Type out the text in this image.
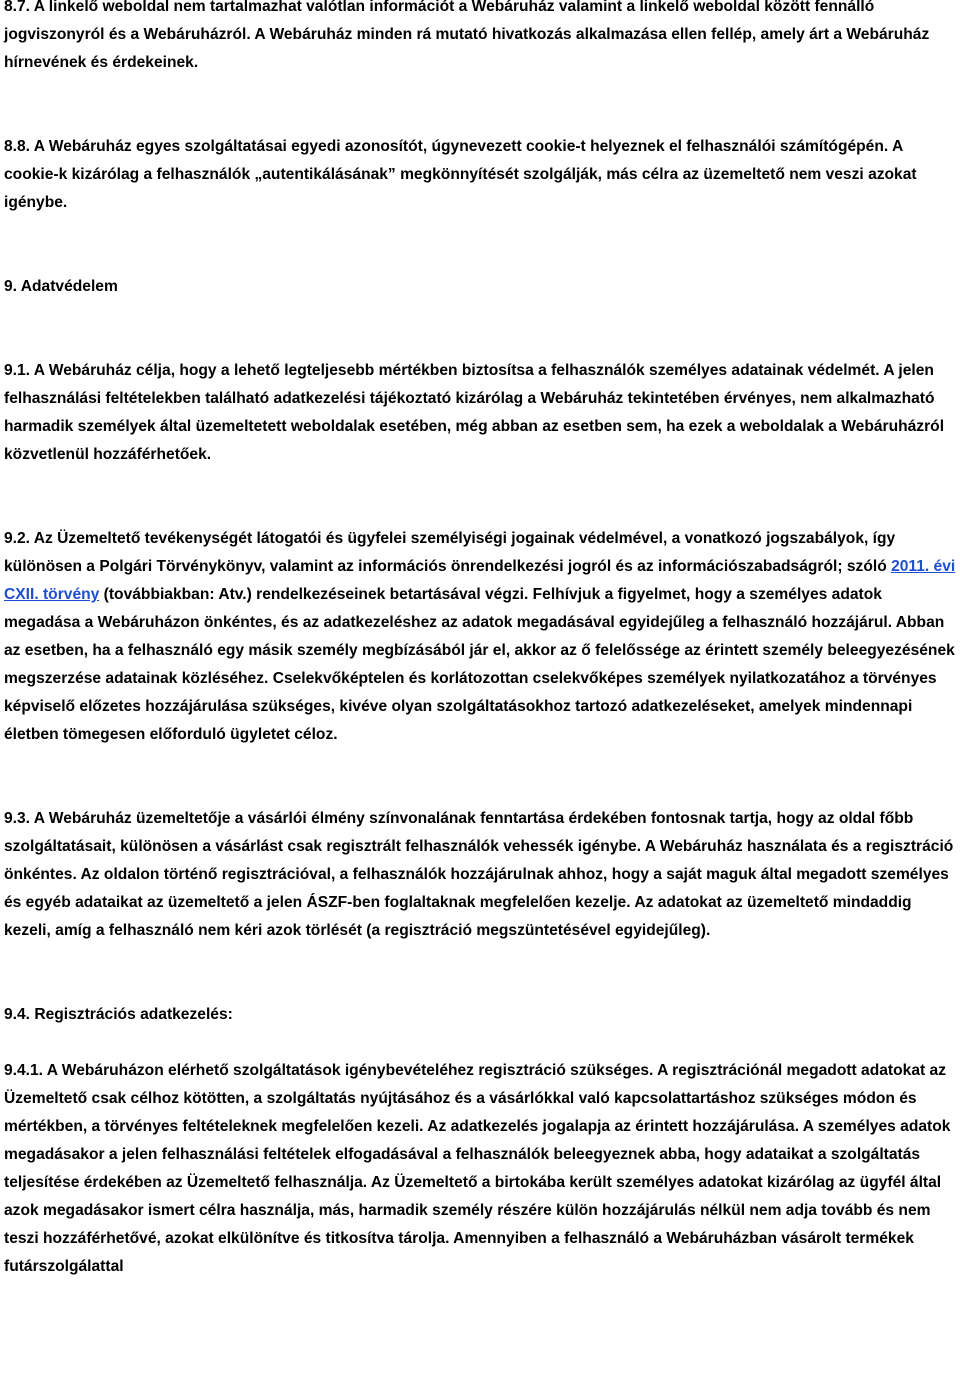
8.7. A linkelő weboldal nem tartalmazhat valótlan információt a Webáruház valamint a linkelő weboldal között fennálló jogviszonyról és a Webáruházról. A Webáruház minden rá mutató hivatkozás alkalmazása ellen fellép, amely árt a Webáruház hírnevének és érdekeinek.

8.8. A Webáruház egyes szolgáltatásai egyedi azonosítót, úgynevezett cookie-t helyeznek el felhasználói számítógépén. A cookie-k kizárólag a felhasználók „autentikálásának” megkönnyítését szolgálják, más célra az üzemeltető nem veszi azokat igénybe.

9. Adatvédelem

9.1. A Webáruház célja, hogy a lehető legteljesebb mértékben biztosítsa a felhasználók személyes adatainak védelmét. A jelen felhasználási feltételekben található adatkezelési tájékoztató kizárólag a Webáruház tekintetében érvényes, nem alkalmazható harmadik személyek által üzemeltetett weboldalak esetében, még abban az esetben sem, ha ezek a weboldalak a Webáruházról közvetlenül hozzáférhetőek.

9.2. Az Üzemeltető tevékenységét látogatói és ügyfelei személyiségi jogainak védelmével, a vonatkozó jogszabályok, így különösen a Polgári Törvénykönyv, valamint az információs önrendelkezési jogról és az információszabadságról; szóló 2011. évi CXII. törvény (továbbiakban: Atv.) rendelkezéseinek betartásával végzi. Felhívjuk a figyelmet, hogy a személyes adatok megadása a Webáruházon önkéntes, és az adatkezeléshez az adatok megadásával egyidejűleg a felhasználó hozzájárul. Abban az esetben, ha a felhasználó egy másik személy megbízásából jár el, akkor az ő felelőssége az érintett személy beleegyezésének megszerzése adatainak közléséhez. Cselekvőképtelen és korlátozottan cselekvőképes személyek nyilatkozatához a törvényes képviselő előzetes hozzájárulása szükséges, kivéve olyan szolgáltatásokhoz tartozó adatkezeléseket, amelyek mindennapi életben tömegesen előforduló ügyletet céloz.

9.3. A Webáruház üzemeltetője a vásárlói élmény színvonalának fenntartása érdekében fontosnak tartja, hogy az oldal főbb szolgáltatásait, különösen a vásárlást csak regisztrált felhasználók vehessék igénybe. A Webáruház használata és a regisztráció önkéntes. Az oldalon történő regisztrációval, a felhasználók hozzájárulnak ahhoz, hogy a saját maguk által megadott személyes és egyéb adataikat az üzemeltető a jelen ÁSZF-ben foglaltaknak megfelelően kezelje. Az adatokat az üzemeltető mindaddig kezeli, amíg a felhasználó nem kéri azok törlését (a regisztráció megszüntetésével egyidejűleg).

9.4. Regisztrációs adatkezelés:

9.4.1. A Webáruházon elérhető szolgáltatások igénybevételéhez regisztráció szükséges. A regisztrációnál megadott adatokat az Üzemeltető csak célhoz kötötten, a szolgáltatás nyújtásához és a vásárlókkal való kapcsolattartáshoz szükséges módon és mértékben, a törvényes feltételeknek megfelelően kezeli. Az adatkezelés jogalapja az érintett hozzájárulása. A személyes adatok megadásakor a jelen felhasználási feltételek elfogadásával a felhasználók beleegyeznek abba, hogy adataikat a szolgáltatás teljesítése érdekében az Üzemeltető felhasználja. Az Üzemeltető a birtokába került személyes adatokat kizárólag az ügyfél által azok megadásakor ismert célra használja, más, harmadik személy részére külön hozzájárulás nélkül nem adja tovább és nem teszi hozzáférhetővé, azokat elkülönítve és titkosítva tárolja. Amennyiben a felhasználó a Webáruházban vásárolt termékek futárszolgálattal
